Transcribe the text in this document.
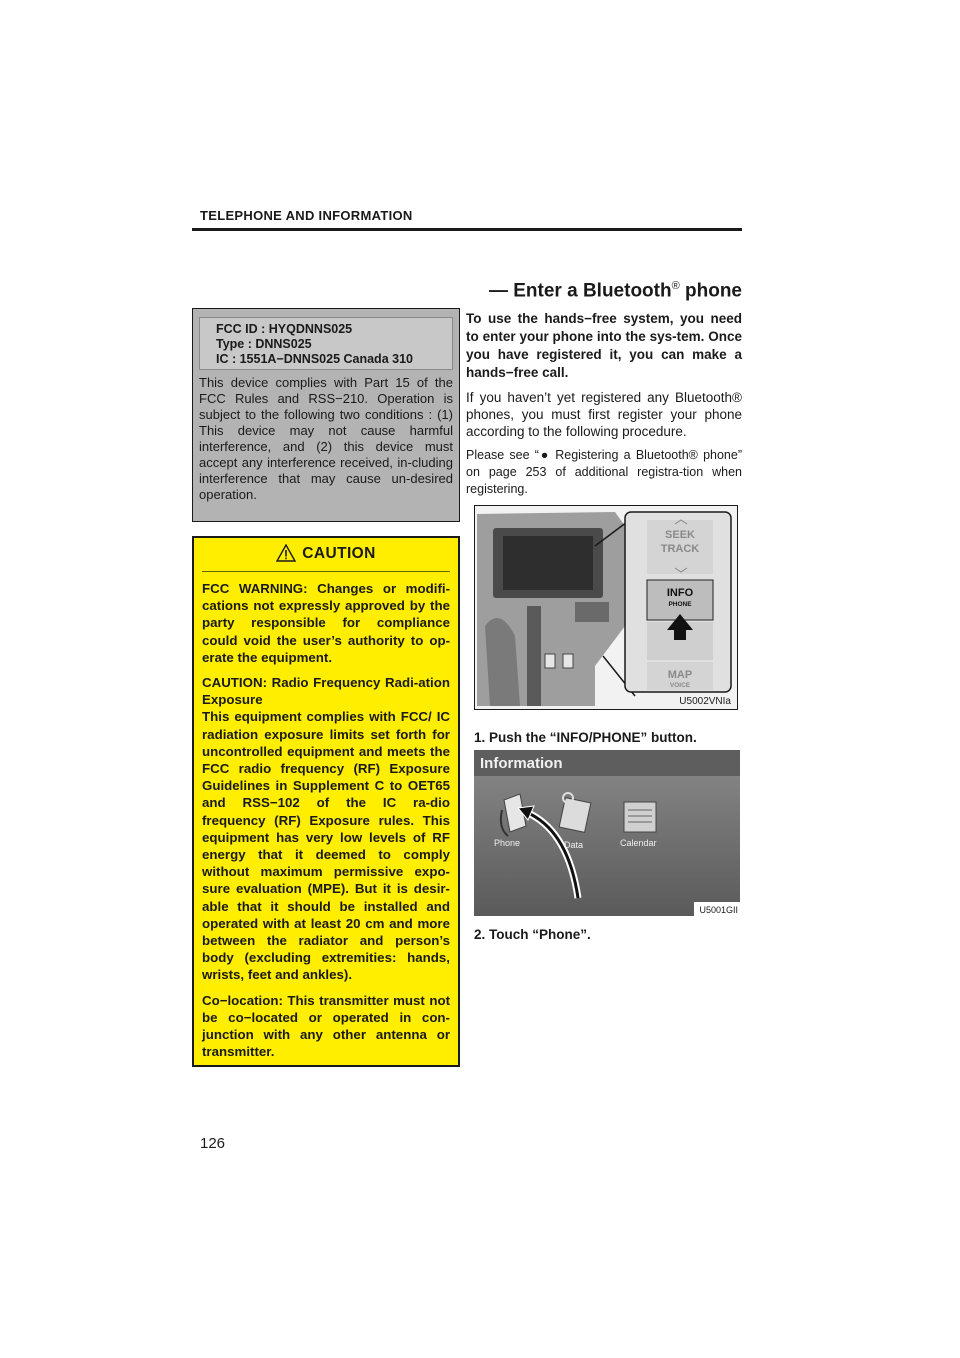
TELEPHONE AND INFORMATION
— Enter a Bluetooth® phone
FCC ID : HYQDNNS025
Type : DNNS025
IC : 1551A−DNNS025 Canada 310
This device complies with Part 15 of the FCC Rules and RSS−210. Operation is subject to the following two conditions : (1) This device may not cause harmful interference, and (2) this device must accept any interference received, in-cluding interference that may cause un-desired operation.
CAUTION

FCC WARNING: Changes or modifi-cations not expressly approved by the party responsible for compliance could void the user’s authority to op-erate the equipment.

CAUTION: Radio Frequency Radi-ation Exposure

This equipment complies with FCC/ IC radiation exposure limits set forth for uncontrolled equipment and meets the FCC radio frequency (RF) Exposure Guidelines in Supplement C to OET65 and RSS−102 of the IC ra-dio frequency (RF) Exposure rules. This equipment has very low levels of RF energy that it deemed to comply without maximum permissive expo-sure evaluation (MPE). But it is desir-able that it should be installed and operated with at least 20 cm and more between the radiator and person’s body (excluding extremities: hands, wrists, feet and ankles).

Co−location: This transmitter must not be co−located or operated in con-junction with any other antenna or transmitter.

To use the hands−free system, you need to enter your phone into the sys-tem. Once you have registered it, you can make a hands−free call.

If you haven’t yet registered any Bluetooth® phones, you must first register your phone according to the following procedure.

Please see “● Registering a Bluetooth® phone” on page 253 of additional registra-tion when registering.

SEEK
TRACK
INFO
PHONE
MAP
VOICE
U5002VNIa
1. Push the “INFO/PHONE” button.
Information
Phone	Data	Calendar
U5001GII
2. Touch “Phone”.
126
